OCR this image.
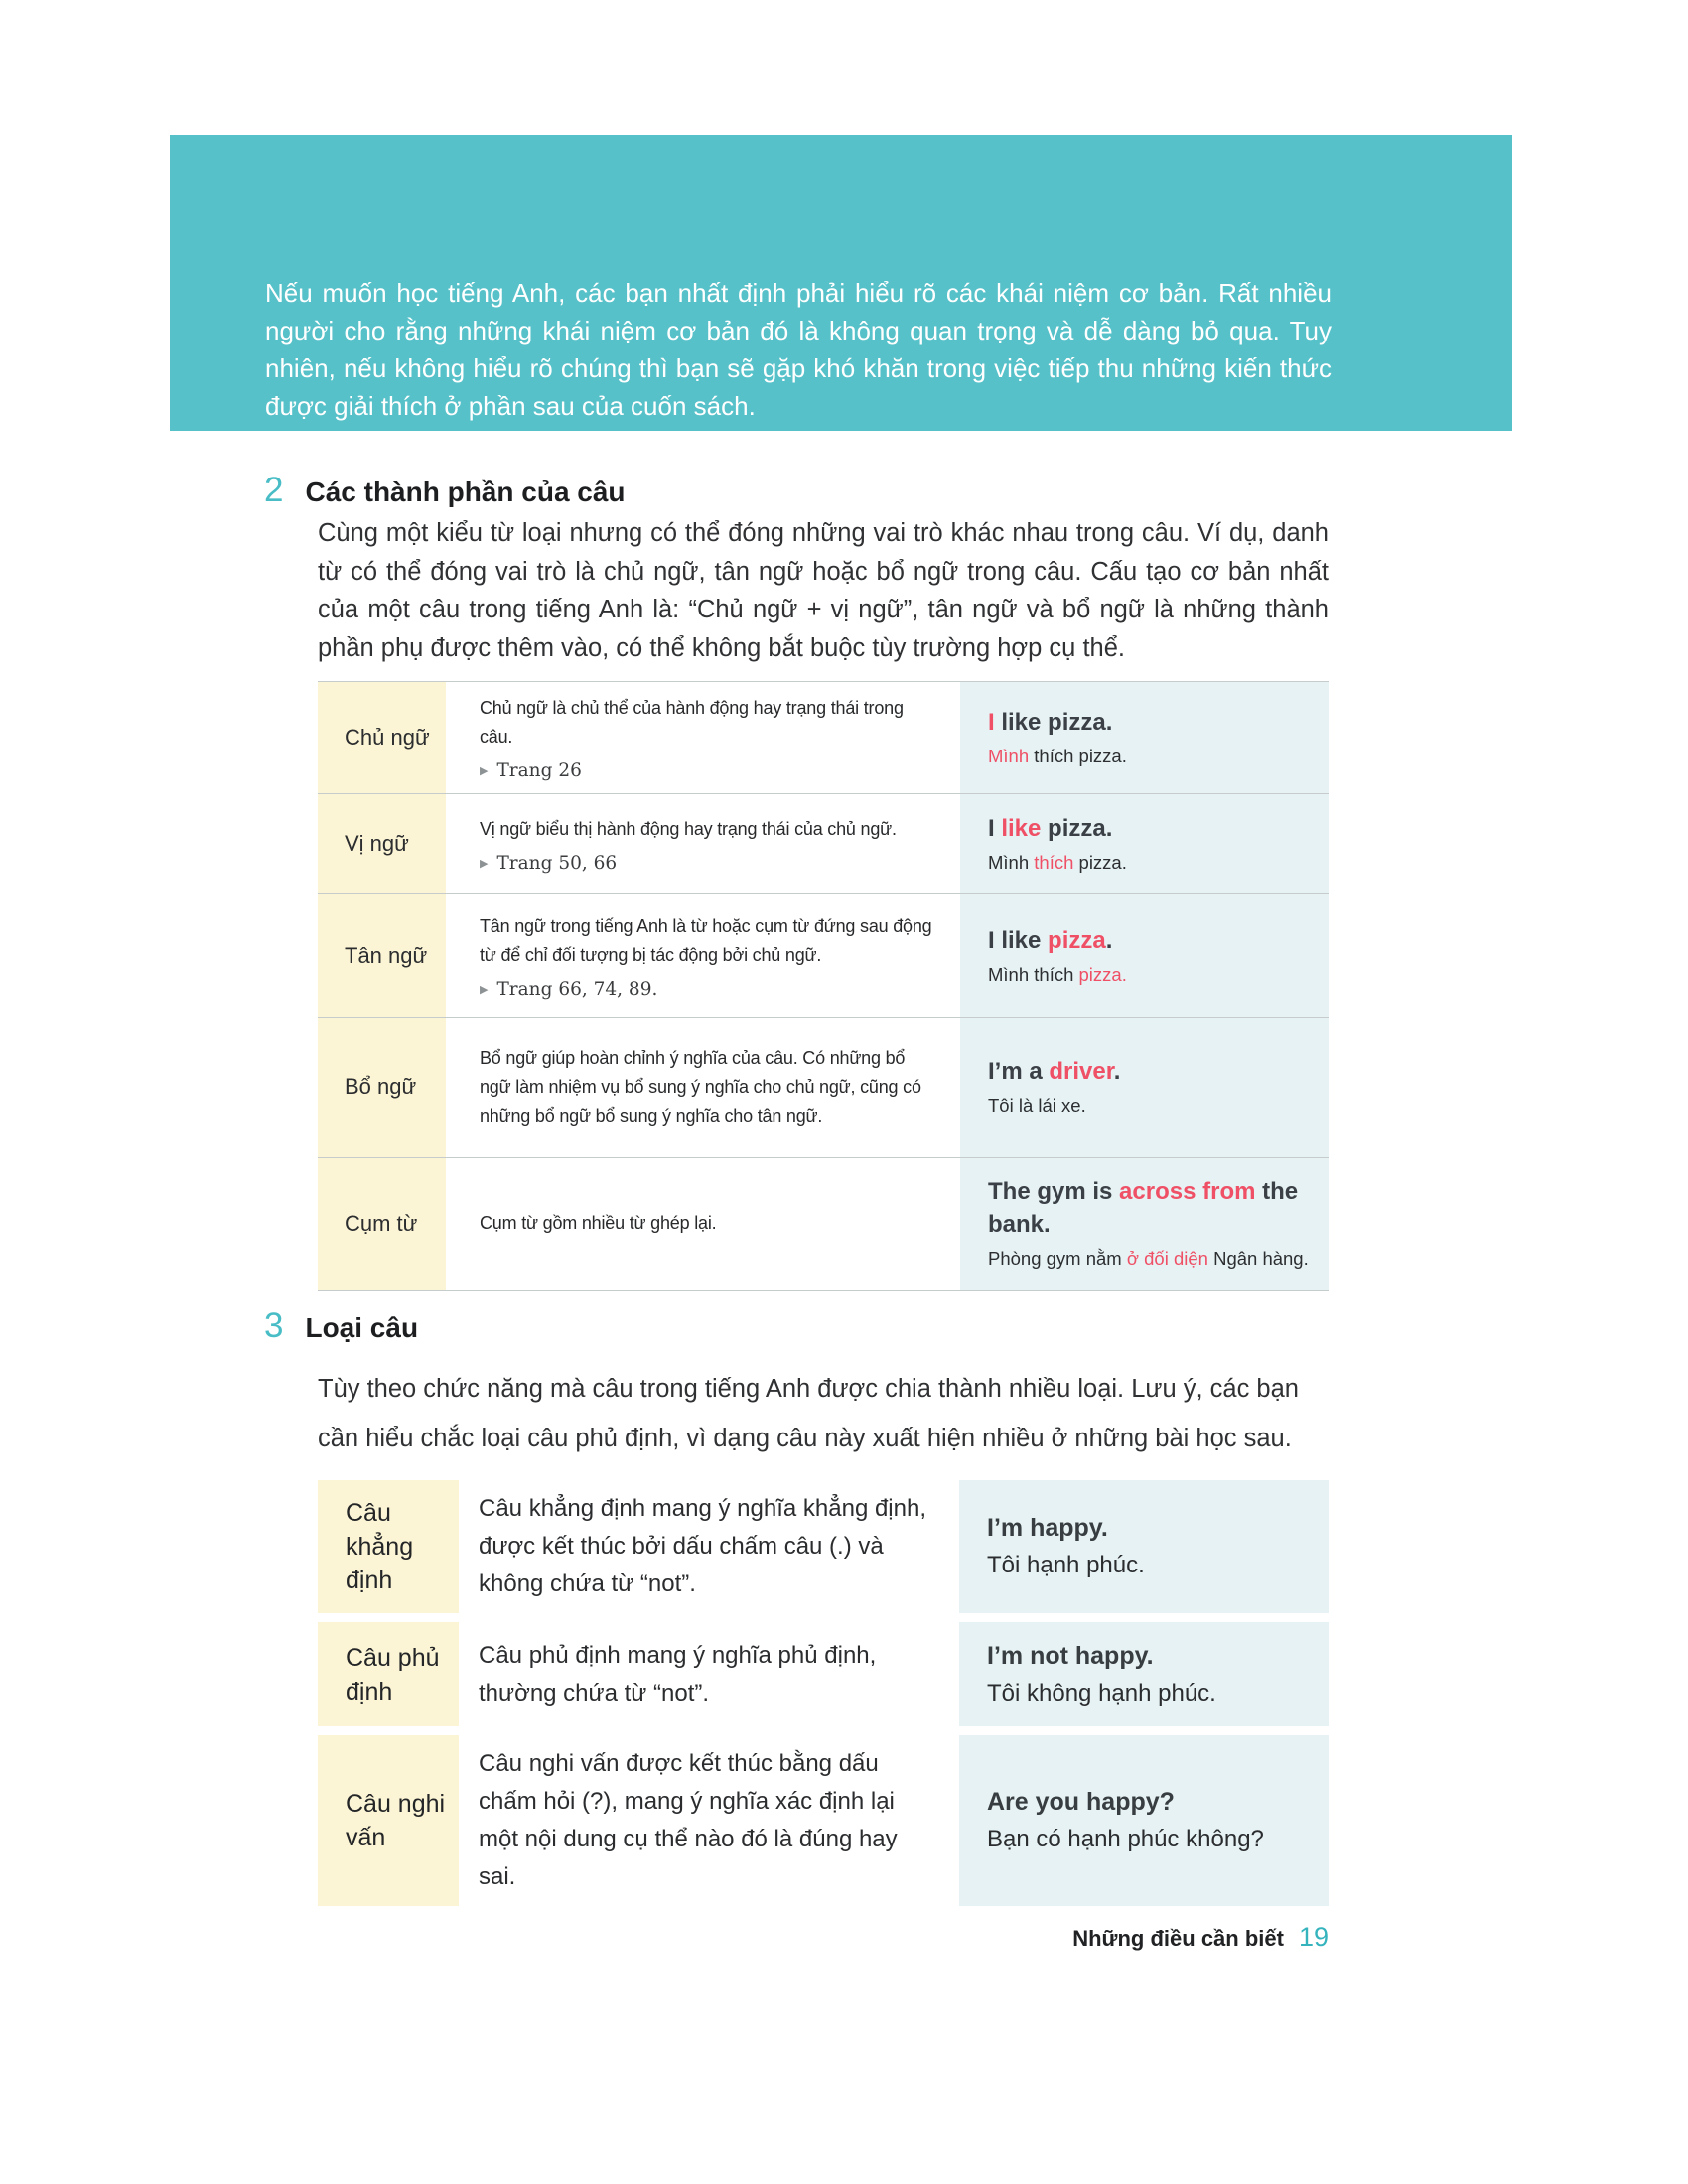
Nếu muốn học tiếng Anh, các bạn nhất định phải hiểu rõ các khái niệm cơ bản. Rất nhiều người cho rằng những khái niệm cơ bản đó là không quan trọng và dễ dàng bỏ qua. Tuy nhiên, nếu không hiểu rõ chúng thì bạn sẽ gặp khó khăn trong việc tiếp thu những kiến thức được giải thích ở phần sau của cuốn sách.
2 Các thành phần của câu
Cùng một kiểu từ loại nhưng có thể đóng những vai trò khác nhau trong câu. Ví dụ, danh từ có thể đóng vai trò là chủ ngữ, tân ngữ hoặc bổ ngữ trong câu. Cấu tạo cơ bản nhất của một câu trong tiếng Anh là: “Chủ ngữ + vị ngữ”, tân ngữ và bổ ngữ là những thành phần phụ được thêm vào, có thể không bắt buộc tùy trường hợp cụ thể.
Chủ ngữ
Chủ ngữ là chủ thể của hành động hay trạng thái trong câu.
▶ Trang 26
I like pizza.
Mình thích pizza.
Vị ngữ
Vị ngữ biểu thị hành động hay trạng thái của chủ ngữ.
▶ Trang 50, 66
I like pizza.
Mình thích pizza.
Tân ngữ
Tân ngữ trong tiếng Anh là từ hoặc cụm từ đứng sau động từ để chỉ đối tượng bị tác động bởi chủ ngữ.
▶ Trang 66, 74, 89.
I like pizza.
Mình thích pizza.
Bổ ngữ
Bổ ngữ giúp hoàn chỉnh ý nghĩa của câu. Có những bổ ngữ làm nhiệm vụ bổ sung ý nghĩa cho chủ ngữ, cũng có những bổ ngữ bổ sung ý nghĩa cho tân ngữ.
I’m a driver.
Tôi là lái xe.
Cụm từ	Cụm từ gồm nhiều từ ghép lại.
The gym is across from the bank.
Phòng gym nằm ở đối diện Ngân hàng.
3 Loại câu
Tùy theo chức năng mà câu trong tiếng Anh được chia thành nhiều loại. Lưu ý, các bạn cần hiểu chắc loại câu phủ định, vì dạng câu này xuất hiện nhiều ở những bài học sau.
Câu khẳng định
Câu khẳng định mang ý nghĩa khẳng định, được kết thúc bởi dấu chấm câu (.) và không chứa từ “not”.
I’m happy.
Tôi hạnh phúc.
Câu phủ định
Câu phủ định mang ý nghĩa phủ định, thường chứa từ “not”.
I’m not happy.
Tôi không hạnh phúc.
Câu nghi vấn
Câu nghi vấn được kết thúc bằng dấu chấm hỏi (?), mang ý nghĩa xác định lại một nội dung cụ thể nào đó là đúng hay sai.
Are you happy?
Bạn có hạnh phúc không?
Những điều cần biết 19
